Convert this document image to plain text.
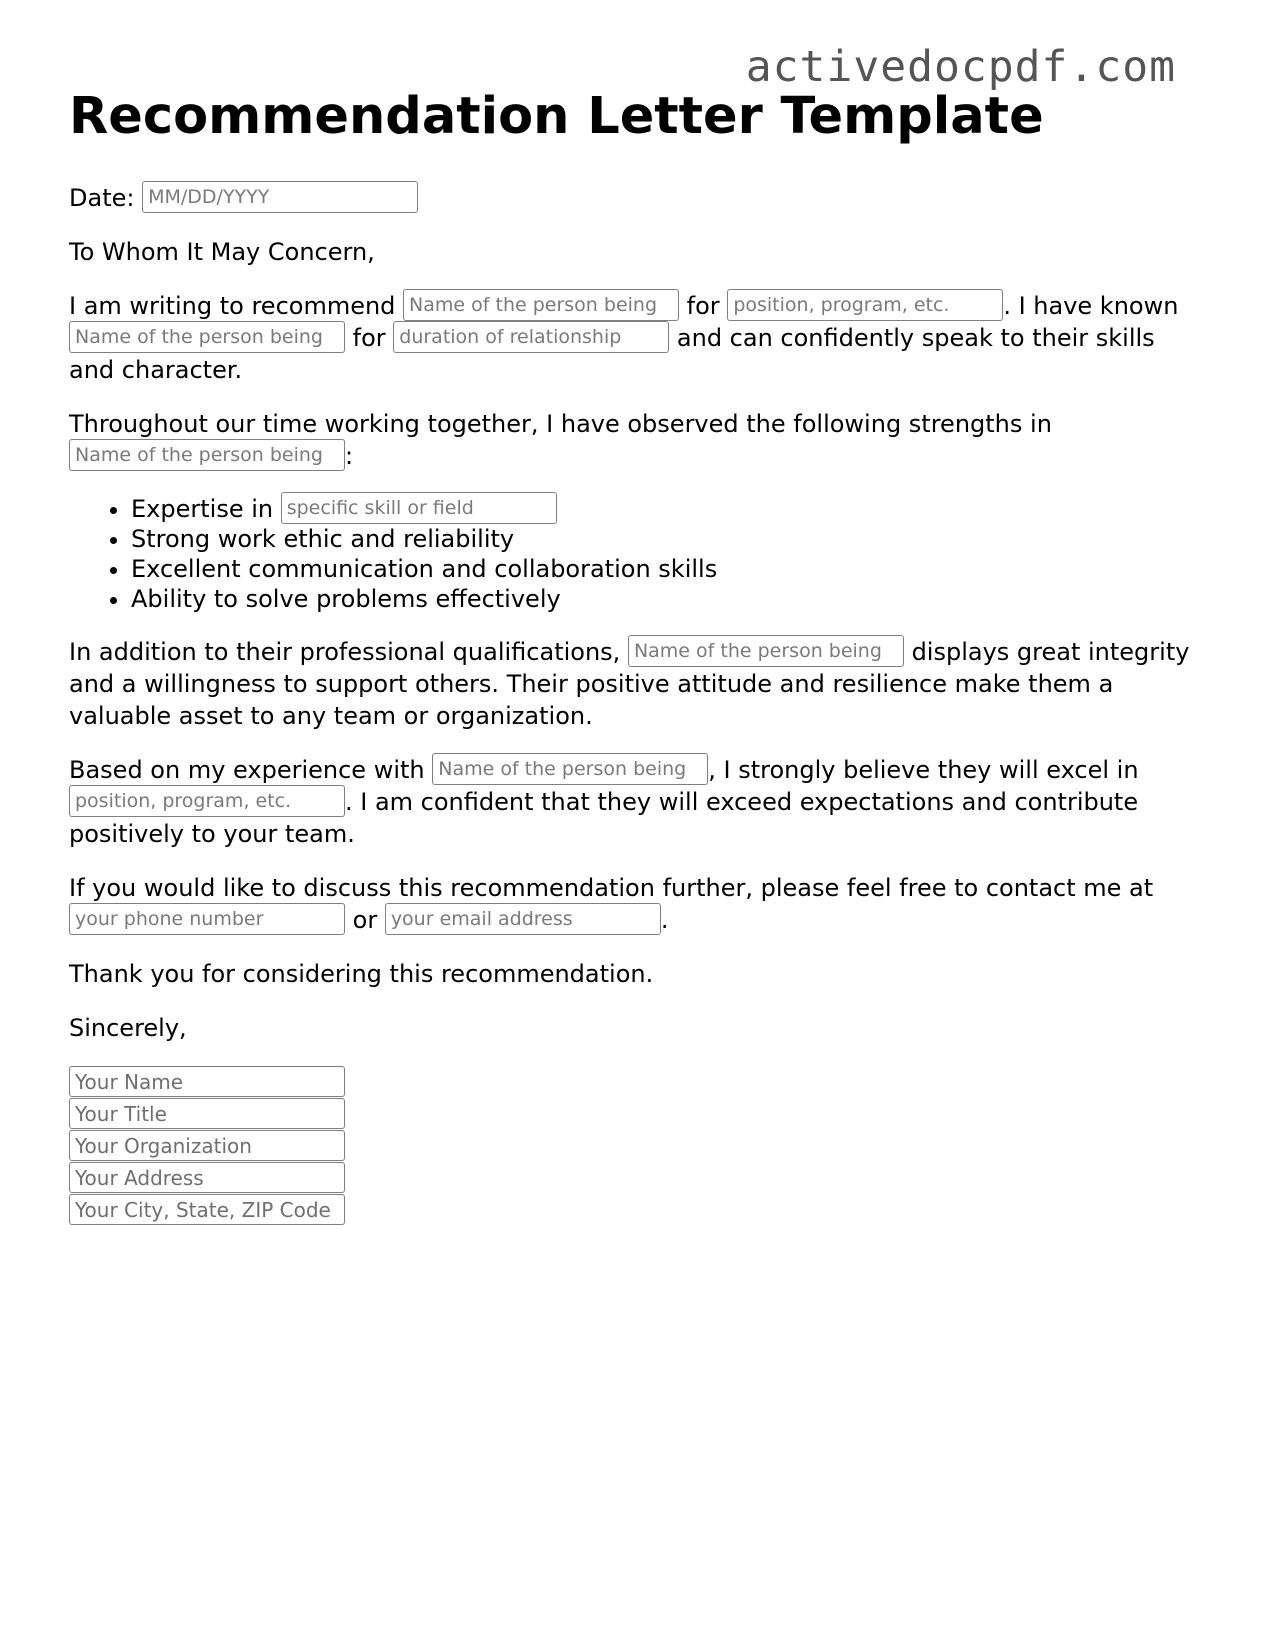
activedocpdf.com
Recommendation Letter Template

Date: MM/DD/YYYY

To Whom It May Concern,

I am writing to recommend Name of the person being	for position, program, etc.	. I have known Name of the person being for duration of relationship	and can confidently speak to their skills and character.

Throughout our time working together, I have observed the following strengths in Name of the person being:

• Expertise in specific skill or field
• Strong work ethic and reliability
• Excellent communication and collaboration skills
• Ability to solve problems effectively

In addition to their professional qualifications, Name of the person being	displays great integrity and a willingness to support others. Their positive attitude and resilience make them a valuable asset to any team or organization.

Based on my experience with Name of the person being	, I strongly believe they will excel in position, program, etc.. I am confident that they will exceed expectations and contribute positively to your team.

If you would like to discuss this recommendation further, please feel free to contact me at your phone number or your email address	.

Thank you for considering this recommendation.

Sincerely,

Your Name
Your Title
Your Organization
Your Address
Your City, State, ZIP Code
